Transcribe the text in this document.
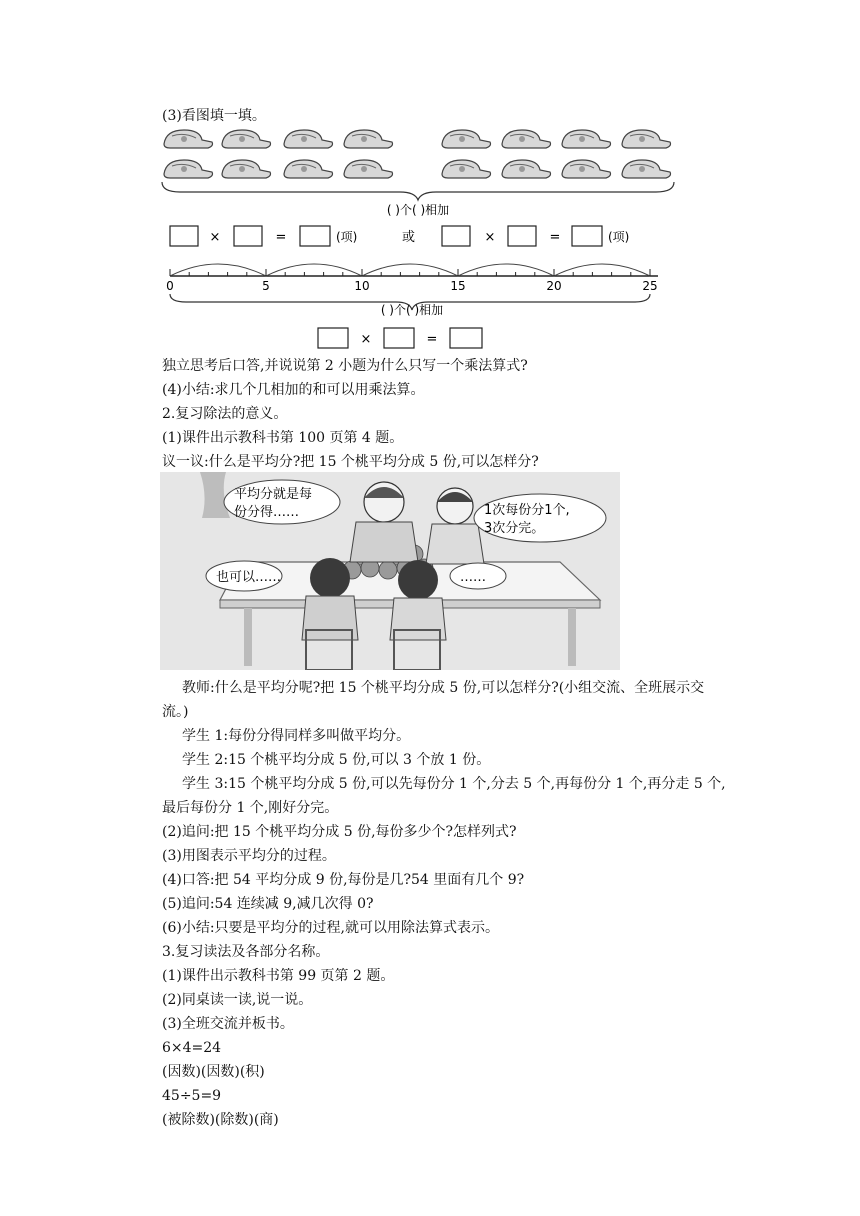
(3)看图填一填。
( )个( )相加
×	=	(项)	或	×	=	(项)
0	5	10	15	20	25
( )个( )相加
×	=
独立思考后口答,并说说第 2 小题为什么只写一个乘法算式?
(4)小结:求几个几相加的和可以用乘法算。
2.复习除法的意义。
(1)课件出示教科书第 100 页第 4 题。
议一议:什么是平均分?把 15 个桃平均分成 5 份,可以怎样分?
平均分就是每
份分得……	1次每份分1个,
3次分完。
也可以……	……
教师:什么是平均分呢?把 15 个桃平均分成 5 份,可以怎样分?(小组交流、全班展示交
流。)
学生 1:每份分得同样多叫做平均分。
学生 2:15 个桃平均分成 5 份,可以 3 个放 1 份。
学生 3:15 个桃平均分成 5 份,可以先每份分 1 个,分去 5 个,再每份分 1 个,再分走 5 个,
最后每份分 1 个,刚好分完。
(2)追问:把 15 个桃平均分成 5 份,每份多少个?怎样列式?
(3)用图表示平均分的过程。
(4)口答:把 54 平均分成 9 份,每份是几?54 里面有几个 9?
(5)追问:54 连续减 9,减几次得 0?
(6)小结:只要是平均分的过程,就可以用除法算式表示。
3.复习读法及各部分名称。
(1)课件出示教科书第 99 页第 2 题。
(2)同桌读一读,说一说。
(3)全班交流并板书。
6×4=24
(因数)(因数)(积)
45÷5=9
(被除数)(除数)(商)
